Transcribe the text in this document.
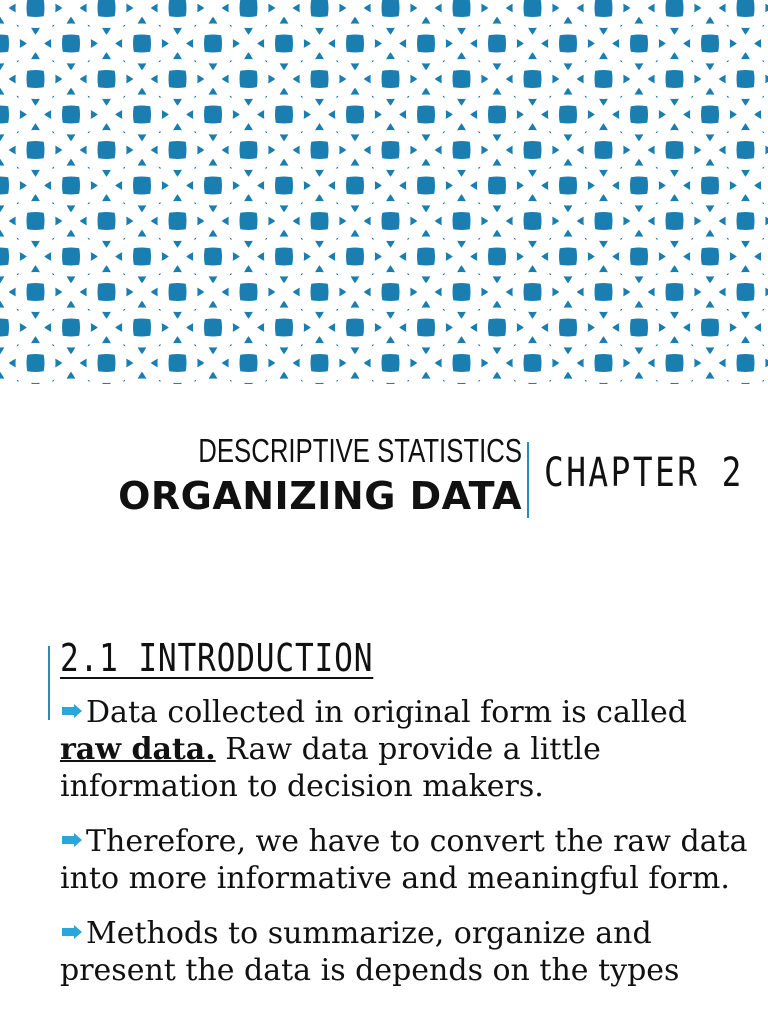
DESCRIPTIVE STATISTICS
ORGANIZING DATA CHAPTER 2
2.1 INTRODUCTION
Data collected in original form is called
raw data. Raw data provide a little information to decision makers.
Therefore, we have to convert the raw data into more informative and meaningful form.
Methods to summarize, organize and present the data is depends on the types
